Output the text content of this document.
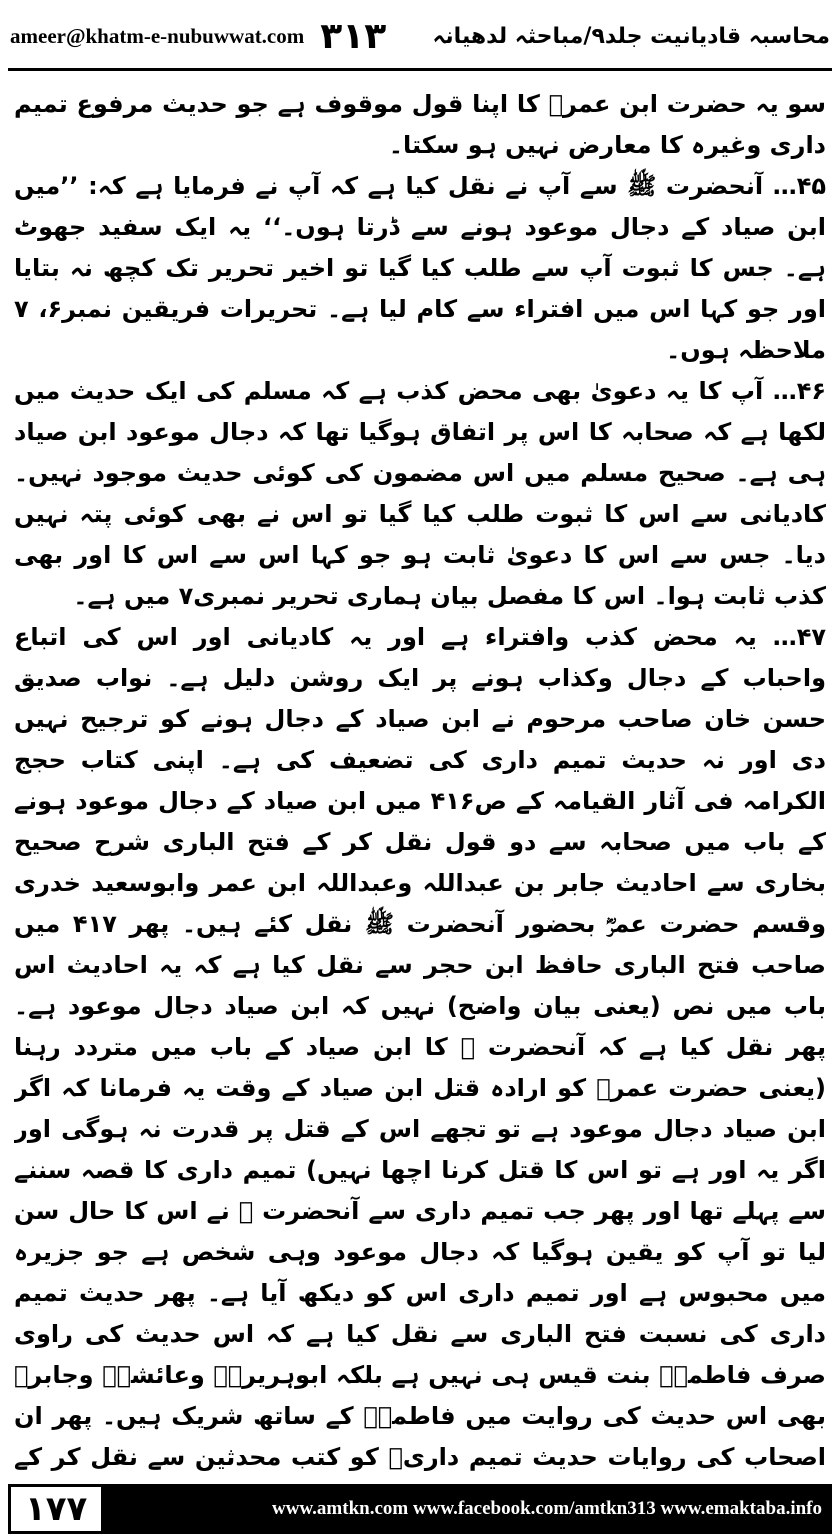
ameer@khatm-e-nubuwwat.com ۳۱۳ محاسبہ قادیانیت جلد۹/مباحثہ لدھیانہ

سو یہ حضرت ابن عمرؓ کا اپنا قول موقوف ہے جو حدیث مرفوع تمیم داری وغیرہ کا معارض نہیں ہو سکتا۔

۴۵… آنحضرت ﷺ سے آپ نے نقل کیا ہے کہ آپ نے فرمایا ہے کہ: ’’میں ابن صیاد کے دجال موعود ہونے سے ڈرتا ہوں۔‘‘ یہ ایک سفید جھوٹ ہے۔ جس کا ثبوت آپ سے طلب کیا گیا تو اخیر تحریر تک کچھ نہ بتایا اور جو کہا اس میں افتراء سے کام لیا ہے۔ تحریرات فریقین نمبر۶، ۷ ملاحظہ ہوں۔

۴۶… آپ کا یہ دعویٰ بھی محض کذب ہے کہ مسلم کی ایک حدیث میں لکھا ہے کہ صحابہ کا اس پر اتفاق ہوگیا تھا کہ دجال موعود ابن صیاد ہی ہے۔ صحیح مسلم میں اس مضمون کی کوئی حدیث موجود نہیں۔ کادیانی سے اس کا ثبوت طلب کیا گیا تو اس نے بھی کوئی پتہ نہیں دیا۔ جس سے اس کا دعویٰ ثابت ہو جو کہا اس سے اس کا اور بھی کذب ثابت ہوا۔ اس کا مفصل بیان ہماری تحریر نمبری۷ میں ہے۔

۴۷… یہ محض کذب وافتراء ہے اور یہ کادیانی اور اس کی اتباع واحباب کے دجال وکذاب ہونے پر ایک روشن دلیل ہے۔ نواب صدیق حسن خان صاحب مرحوم نے ابن صیاد کے دجال ہونے کو ترجیح نہیں دی اور نہ حدیث تمیم داری کی تضعیف کی ہے۔ اپنی کتاب حجج الکرامہ فی آثار القیامہ کے ص۴۱۶ میں ابن صیاد کے دجال موعود ہونے کے باب میں صحابہ سے دو قول نقل کر کے فتح الباری شرح صحیح بخاری سے احادیث جابر بن عبداللہ وعبداللہ ابن عمر وابوسعید خدری وقسم حضرت عمرؓ بحضور آنحضرت ﷺ نقل کئے ہیں۔ پھر ۴۱۷ میں صاحب فتح الباری حافظ ابن حجر سے نقل کیا ہے کہ یہ احادیث اس باب میں نص (یعنی بیان واضح) نہیں کہ ابن صیاد دجال موعود ہے۔ پھر نقل کیا ہے کہ آنحضرت ﷺ کا ابن صیاد کے باب میں متردد رہنا (یعنی حضرت عمرؓ کو ارادہ قتل ابن صیاد کے وقت یہ فرمانا کہ اگر ابن صیاد دجال موعود ہے تو تجھے اس کے قتل پر قدرت نہ ہوگی اور اگر یہ اور ہے تو اس کا قتل کرنا اچھا نہیں) تمیم داری کا قصہ سننے سے پہلے تھا اور پھر جب تمیم داری سے آنحضرت ﷺ نے اس کا حال سن لیا تو آپ کو یقین ہوگیا کہ دجال موعود وہی شخص ہے جو جزیرہ میں محبوس ہے اور تمیم داری اس کو دیکھ آیا ہے۔ پھر حدیث تمیم داری کی نسبت فتح الباری سے نقل کیا ہے کہ اس حدیث کی راوی صرف فاطمہؓ بنت قیس ہی نہیں ہے بلکہ ابوہریرہؓ وعائشہؓ وجابرؓ بھی اس حدیث کی روایت میں فاطمہؓ کے ساتھ شریک ہیں۔ پھر ان اصحاب کی روایات حدیث تمیم داریؓ کو کتب محدثین سے نقل کر کے

۱۷۷	www.amtkn.com www.facebook.com/amtkn313 www.emaktaba.info
